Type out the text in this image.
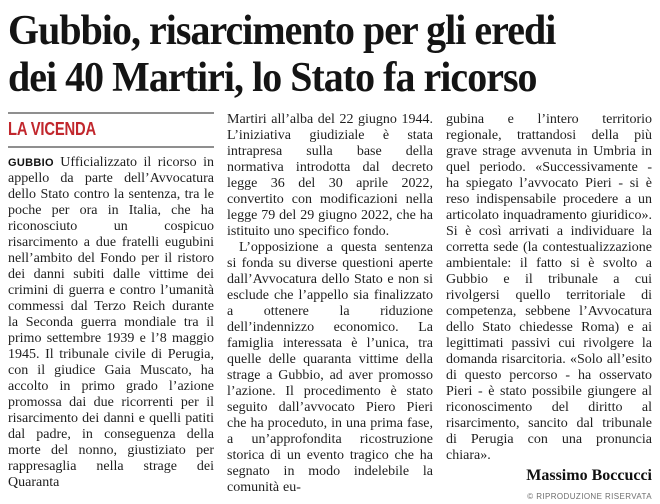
Gubbio, risarcimento per gli eredi
dei 40 Martiri, lo Stato fa ricorso
LA VICENDA

GUBBIO Ufficializzato il ricorso in appello da parte dell’Avvocatura dello Stato contro la sentenza, tra le poche per ora in Italia, che ha riconosciuto un cospicuo risarcimento a due fratelli eugubini nell’ambito del Fondo per il ristoro dei danni subiti dalle vittime dei crimini di guerra e contro l’umanità commessi dal Terzo Reich durante la Seconda guerra mondiale tra il primo settembre 1939 e l’8 maggio 1945. Il tribunale civile di Perugia, con il giudice Gaia Muscato, ha accolto in primo grado l’azione promossa dai due ricorrenti per il risarcimento dei danni e quelli patiti dal padre, in conseguenza della morte del nonno, giustiziato per rappresaglia nella strage dei Quaranta

Martiri all’alba del 22 giugno 1944. L’iniziativa giudiziale è stata intrapresa sulla base della normativa introdotta dal decreto legge 36 del 30 aprile 2022, convertito con modificazioni nella legge 79 del 29 giugno 2022, che ha istituito uno specifico fondo.

L’opposizione a questa sentenza si fonda su diverse questioni aperte dall’Avvocatura dello Stato e non si esclude che l’appello sia finalizzato a ottenere la riduzione dell’indennizzo economico. La famiglia interessata è l’unica, tra quelle delle quaranta vittime della strage a Gubbio, ad aver promosso l’azione. Il procedimento è stato seguito dall’avvocato Piero Pieri che ha proceduto, in una prima fase, a un’approfondita ricostruzione storica di un evento tragico che ha segnato in modo indelebile la comunità eu-

gubina e l’intero territorio regionale, trattandosi della più grave strage avvenuta in Umbria in quel periodo. «Successivamente - ha spiegato l’avvocato Pieri - si è reso indispensabile procedere a un articolato inquadramento giuridico». Si è così arrivati a individuare la corretta sede (la contestualizzazione ambientale: il fatto si è svolto a Gubbio e il tribunale a cui rivolgersi quello territoriale di competenza, sebbene l’Avvocatura dello Stato chiedesse Roma) e ai legittimati passivi cui rivolgere la domanda risarcitoria. «Solo all’esito di questo percorso - ha osservato Pieri - è stato possibile giungere al riconoscimento del diritto al risarcimento, sancito dal tribunale di Perugia con una pronuncia chiara».

Massimo Boccucci
© RIPRODUZIONE RISERVATA
